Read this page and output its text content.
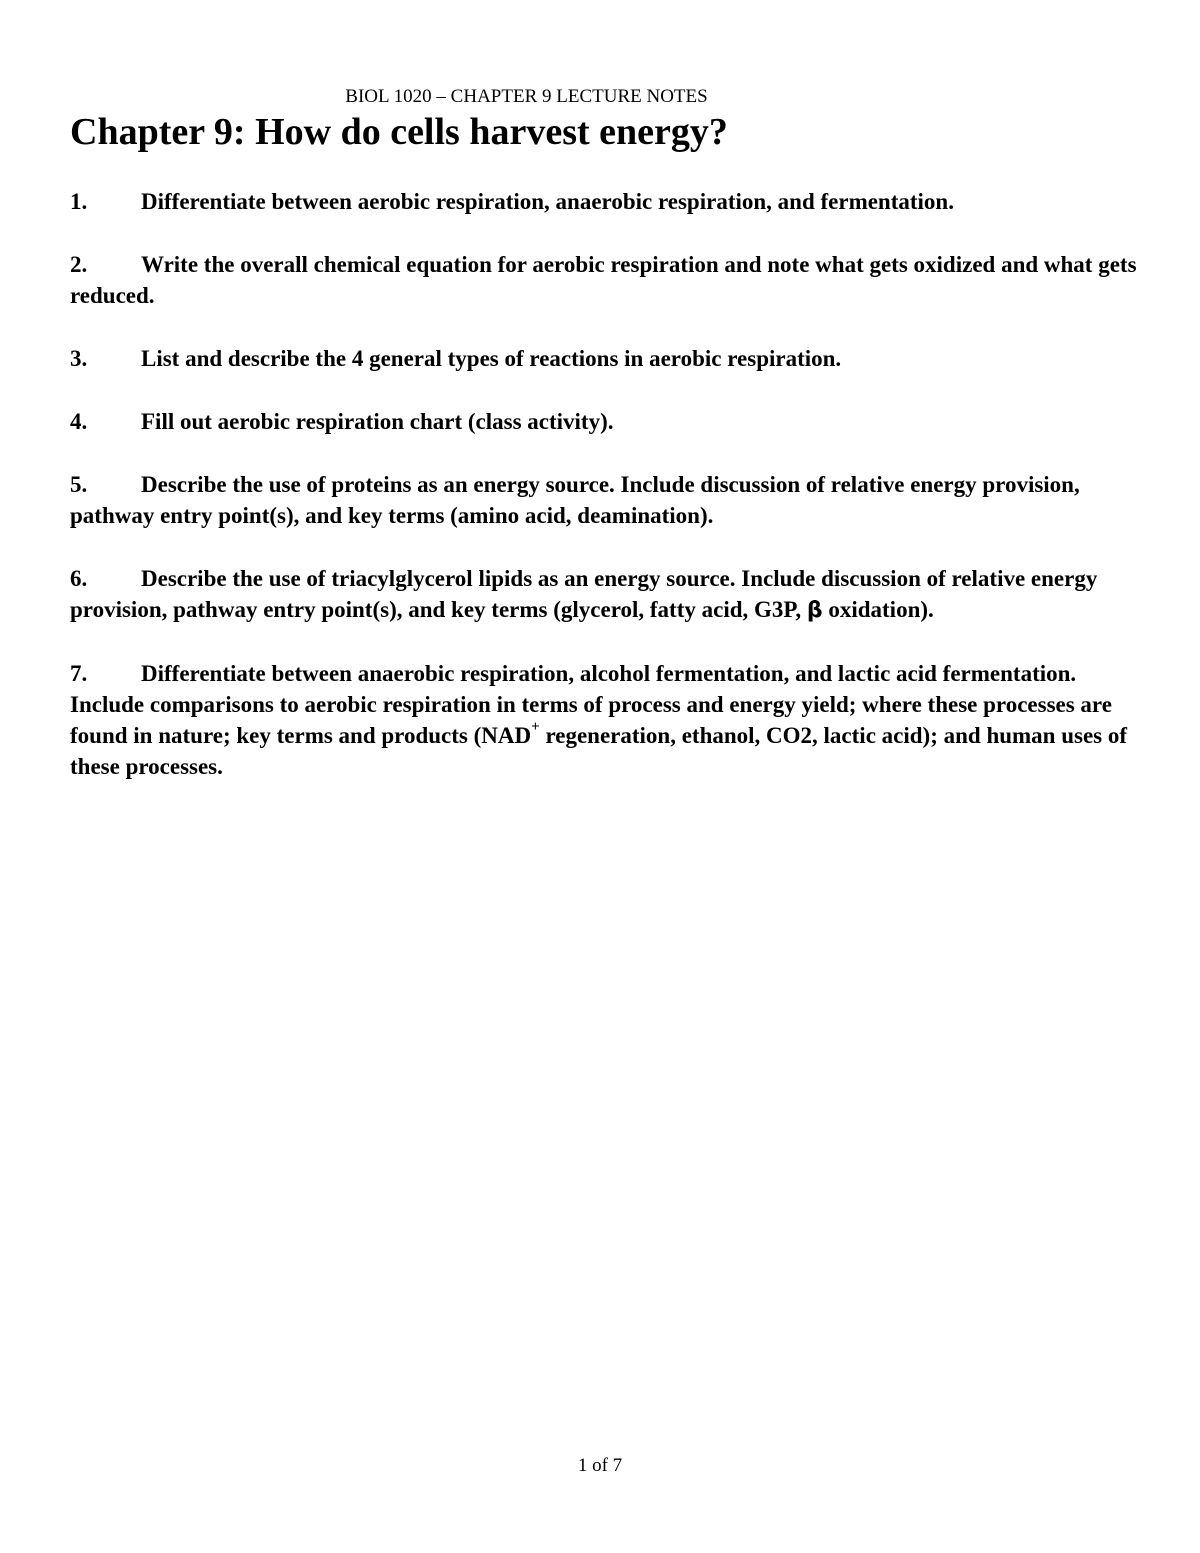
BIOL 1020 – CHAPTER 9 LECTURE NOTES
Chapter 9: How do cells harvest energy?

1. Differentiate between aerobic respiration, anaerobic respiration, and fermentation.

2. Write the overall chemical equation for aerobic respiration and note what gets oxidized and what gets reduced.

3. List and describe the 4 general types of reactions in aerobic respiration.

4. Fill out aerobic respiration chart (class activity).

5. Describe the use of proteins as an energy source. Include discussion of relative energy provision, pathway entry point(s), and key terms (amino acid, deamination).

6. Describe the use of triacylglycerol lipids as an energy source. Include discussion of relative energy provision, pathway entry point(s), and key terms (glycerol, fatty acid, G3P, β oxidation).

7. Differentiate between anaerobic respiration, alcohol fermentation, and lactic acid fermentation. Include comparisons to aerobic respiration in terms of process and energy yield; where these processes are found in nature; key terms and products (NAD+ regeneration, ethanol, CO2, lactic acid); and human uses of these processes.

1 of 7
